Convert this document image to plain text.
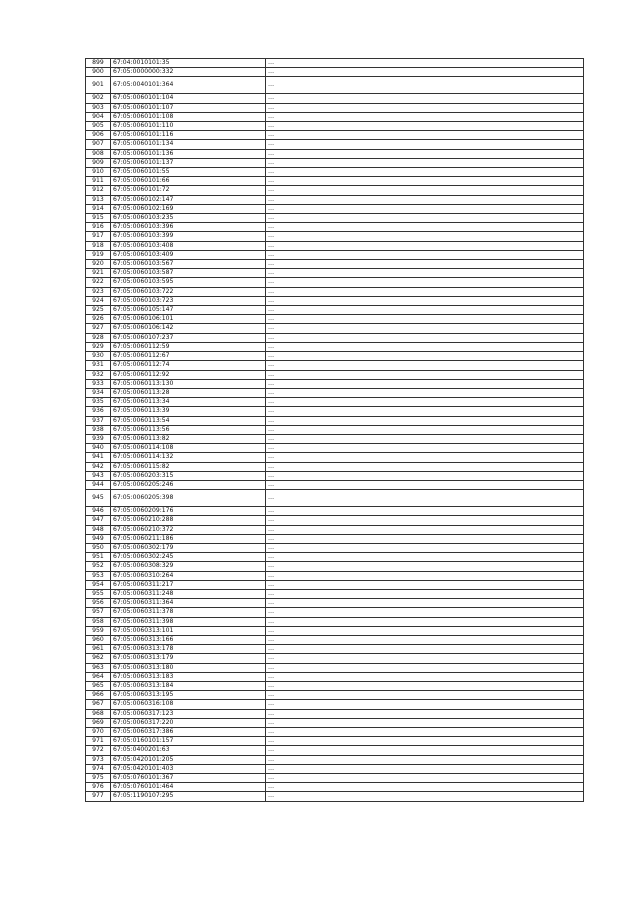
899	67:04:0010101:35	…
900	67:05:0000000:332	…
901	67:05:0040101:364	…
902	67:05:0060101:104	…
903	67:05:0060101:107	…
904	67:05:0060101:108	…
905	67:05:0060101:110	…
906	67:05:0060101:116	…
907	67:05:0060101:134	…
908	67:05:0060101:136	…
909	67:05:0060101:137	…
910	67:05:0060101:55	…
911	67:05:0060101:66	…
912	67:05:0060101:72	…
913	67:05:0060102:147	…
914	67:05:0060102:169	…
915	67:05:0060103:235	…
916	67:05:0060103:396	…
917	67:05:0060103:399	…
918	67:05:0060103:408	…
919	67:05:0060103:409	…
920	67:05:0060103:567	…
921	67:05:0060103:587	…
922	67:05:0060103:595	…
923	67:05:0060103:722	…
924	67:05:0060103:723	…
925	67:05:0060105:147	…
926	67:05:0060106:101	…
927	67:05:0060106:142	…
928	67:05:0060107:237	…
929	67:05:0060112:59	…
930	67:05:0060112:67	…
931	67:05:0060112:74	…
932	67:05:0060112:92	…
933	67:05:0060113:130	…
934	67:05:0060113:28	…
935	67:05:0060113:34	…
936	67:05:0060113:39	…
937	67:05:0060113:54	…
938	67:05:0060113:56	…
939	67:05:0060113:82	…
940	67:05:0060114:108	…
941	67:05:0060114:132	…
942	67:05:0060115:82	…
943	67:05:0060203:315	…
944	67:05:0060205:246	…
945	67:05:0060205:398	…
946	67:05:0060209:176	…
947	67:05:0060210:288	…
948	67:05:0060210:372	…
949	67:05:0060211:186	…
950	67:05:0060302:179	…
951	67:05:0060302:245	…
952	67:05:0060308:329	…
953	67:05:0060310:264	…
954	67:05:0060311:217	…
955	67:05:0060311:248	…
956	67:05:0060311:364	…
957	67:05:0060311:378	…
958	67:05:0060311:398	…
959	67:05:0060313:101	…
960	67:05:0060313:166	…
961	67:05:0060313:178	…
962	67:05:0060313:179	…
963	67:05:0060313:180	…
964	67:05:0060313:183	…
965	67:05:0060313:184	…
966	67:05:0060313:195	…
967	67:05:0060316:108	…
968	67:05:0060317:123	…
969	67:05:0060317:220	…
970	67:05:0060317:386	…
971	67:05:0160101:157	…
972	67:05:0400201:63	…
973	67:05:0420101:205	…
974	67:05:0420101:403	…
975	67:05:0760101:367	…
976	67:05:0760101:464	…
977	67:05:1190107:295	…
